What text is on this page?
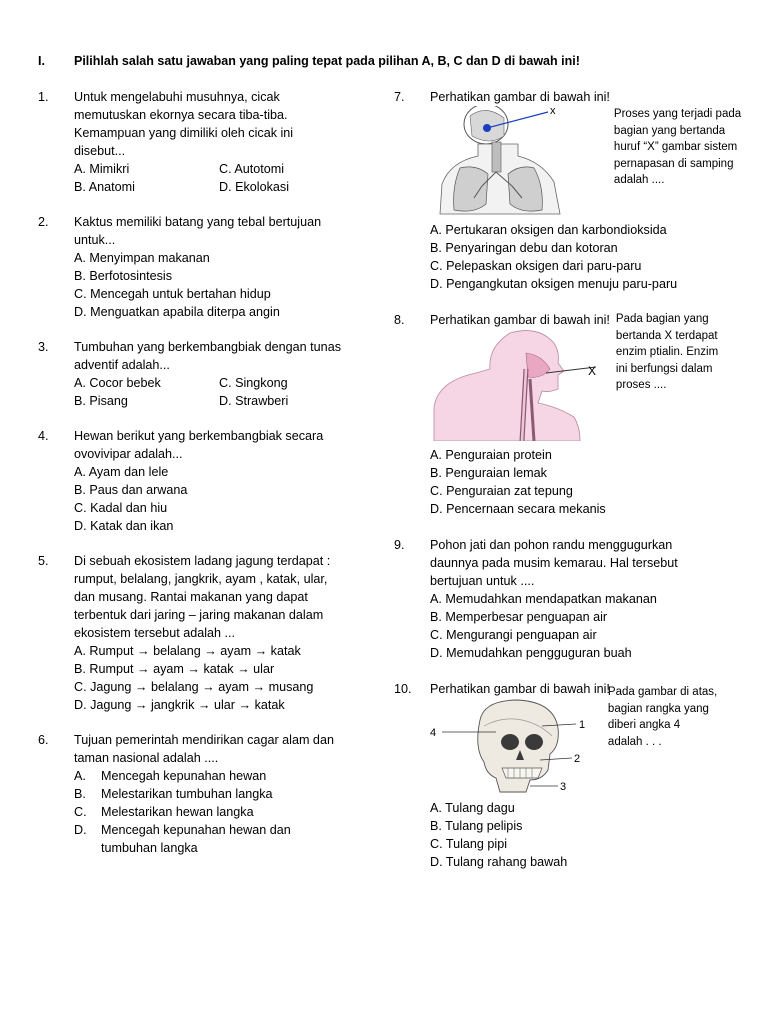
I. Pilihlah salah satu jawaban yang paling tepat pada pilihan A, B, C dan D di bawah ini!
1. Untuk mengelabuhi musuhnya, cicak
memutuskan ekornya secara tiba-tiba.
Kemampuan yang dimiliki oleh cicak ini
disebut...

A. Mimikri	C. Autotomi
B. Anatomi	D. Ekolokasi
2. Kaktus memiliki batang yang tebal bertujuan
untuk...

A. Menyimpan makanan
B. Berfotosintesis
C. Mencegah untuk bertahan hidup
D. Menguatkan apabila diterpa angin
3. Tumbuhan yang berkembangbiak dengan tunas
adventif adalah...

A. Cocor bebek	C. Singkong
B. Pisang	D. Strawberi
4. Hewan berikut yang berkembangbiak secara
ovovivipar adalah...

A. Ayam dan lele
B. Paus dan arwana
C. Kadal dan hiu
D. Katak dan ikan
5. Di sebuah ekosistem ladang jagung terdapat :
rumput, belalang, jangkrik, ayam , katak, ular,
dan musang. Rantai makanan yang dapat
terbentuk dari jaring – jaring makanan dalam
ekosistem tersebut adalah ...

A. Rumput → belalang → ayam → katak
B. Rumput → ayam → katak → ular
C. Jagung → belalang → ayam → musang
D. Jagung → jangkrik → ular → katak
6. Tujuan pemerintah mendirikan cagar alam dan
taman nasional adalah ....

A.	Mencegah kepunahan hewan
B.	Melestarikan tumbuhan langka
C.	Melestarikan hewan langka
D.	Mencegah kepunahan hewan dan
tumbuhan langka
7. Perhatikan gambar di bawah ini!

x	Proses yang terjadi pada
bagian yang bertanda
huruf “X” gambar sistem
pernapasan di samping
adalah ....
A. Pertukaran oksigen dan karbondioksida
B. Penyaringan debu dan kotoran
C. Pelepaskan oksigen dari paru-paru
D. Pengangkutan oksigen menuju paru-paru
8. Perhatikan gambar di bawah ini!

X
Pada bagian yang
bertanda X terdapat
enzim ptialin. Enzim
ini berfungsi dalam
proses ....
A. Penguraian protein
B. Penguraian lemak
C. Penguraian zat tepung
D. Pencernaan secara mekanis
9. Pohon jati dan pohon randu menggugurkan
daunnya pada musim kemarau. Hal tersebut
bertujuan untuk ....

A. Memudahkan mendapatkan makanan
B. Memperbesar penguapan air
C. Mengurangi penguapan air
D. Memudahkan pengguguran buah
10. Perhatikan gambar di bawah ini!

1
2
3
4
Pada gambar di atas,
bagian rangka yang
diberi angka 4
adalah . . .
A. Tulang dagu
B. Tulang pelipis
C. Tulang pipi
D. Tulang rahang bawah
